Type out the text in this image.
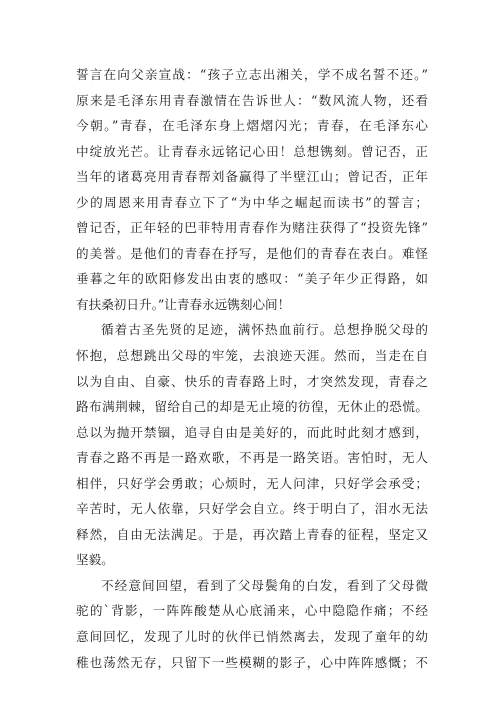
誓言在向父亲宣战：“孩子立志出湘关，学不成名誓不还。”
原来是毛泽东用青春激情在告诉世人：“数风流人物，还看
今朝。”青春，在毛泽东身上熠熠闪光；青春，在毛泽东心
中绽放光芒。让青春永远铭记心田！总想镌刻。曾记否，正
当年的诸葛亮用青春帮刘备赢得了半壁江山；曾记否，正年
少的周恩来用青春立下了“为中华之崛起而读书”的誓言；
曾记否，正年轻的巴菲特用青春作为赌注获得了“投资先锋”
的美誉。是他们的青春在抒写，是他们的青春在表白。难怪
垂暮之年的欧阳修发出由衷的感叹：“美子年少正得路，如
有扶桑初日升。”让青春永远镌刻心间！
循着古圣先贤的足迹，满怀热血前行。总想挣脱父母的
怀抱，总想跳出父母的牢笼，去浪迹天涯。然而，当走在自
以为自由、自豪、快乐的青春路上时，才突然发现，青春之
路布满荆棘，留给自己的却是无止境的彷徨，无休止的恐慌。
总以为抛开禁锢，追寻自由是美好的，而此时此刻才感到，
青春之路不再是一路欢歌，不再是一路笑语。害怕时，无人
相伴，只好学会勇敢；心烦时，无人问津，只好学会承受；
辛苦时，无人依靠，只好学会自立。终于明白了，泪水无法
释然，自由无法满足。于是，再次踏上青春的征程，坚定又
坚毅。
不经意间回望，看到了父母鬓角的白发，看到了父母微
驼的`背影，一阵阵酸楚从心底涌来，心中隐隐作痛；不经
意间回忆，发现了儿时的伙伴已悄然离去，发现了童年的幼
稚也荡然无存，只留下一些模糊的影子，心中阵阵感慨；不
